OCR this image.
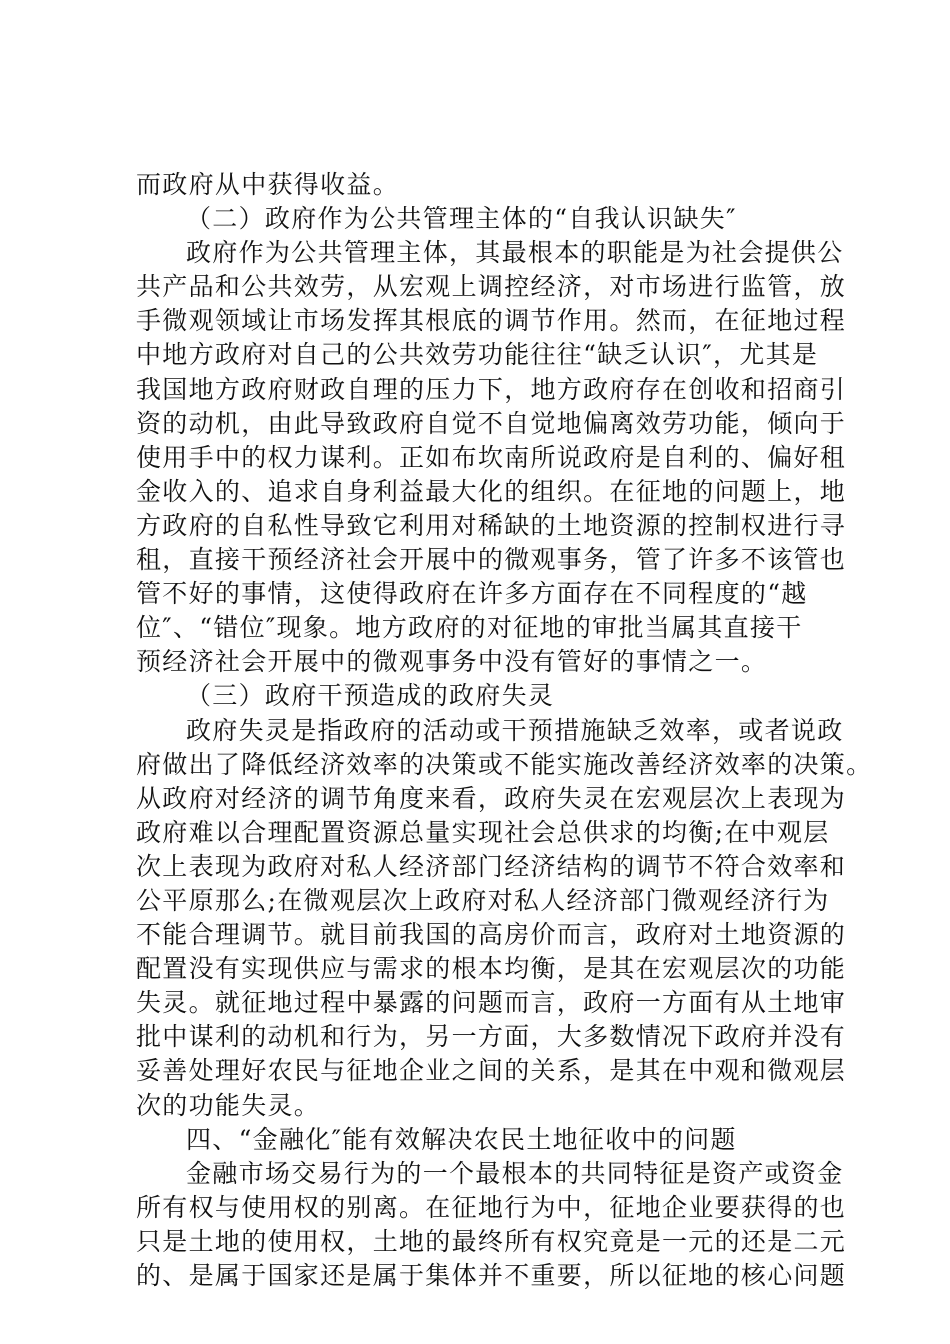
而政府从中获得收益。
（二）政府作为公共管理主体的“自我认识缺失″
政府作为公共管理主体，其最根本的职能是为社会提供公
共产品和公共效劳，从宏观上调控经济，对市场进行监管，放
手微观领域让市场发挥其根底的调节作用。然而，在征地过程
中地方政府对自己的公共效劳功能往往“缺乏认识″，尤其是
我国地方政府财政自理的压力下，地方政府存在创收和招商引
资的动机，由此导致政府自觉不自觉地偏离效劳功能，倾向于
使用手中的权力谋利。正如布坎南所说政府是自利的、偏好租
金收入的、追求自身利益最大化的组织。在征地的问题上，地
方政府的自私性导致它利用对稀缺的土地资源的控制权进行寻
租，直接干预经济社会开展中的微观事务，管了许多不该管也
管不好的事情，这使得政府在许多方面存在不同程度的“越
位″、“错位″现象。地方政府的对征地的审批当属其直接干
预经济社会开展中的微观事务中没有管好的事情之一。
（三）政府干预造成的政府失灵
政府失灵是指政府的活动或干预措施缺乏效率，或者说政
府做出了降低经济效率的决策或不能实施改善经济效率的决策。
从政府对经济的调节角度来看，政府失灵在宏观层次上表现为
政府难以合理配置资源总量实现社会总供求的均衡;在中观层
次上表现为政府对私人经济部门经济结构的调节不符合效率和
公平原那么;在微观层次上政府对私人经济部门微观经济行为
不能合理调节。就目前我国的高房价而言，政府对土地资源的
配置没有实现供应与需求的根本均衡，是其在宏观层次的功能
失灵。就征地过程中暴露的问题而言，政府一方面有从土地审
批中谋利的动机和行为，另一方面，大多数情况下政府并没有
妥善处理好农民与征地企业之间的关系，是其在中观和微观层
次的功能失灵。
四、“金融化″能有效解决农民土地征收中的问题
金融市场交易行为的一个最根本的共同特征是资产或资金
所有权与使用权的别离。在征地行为中，征地企业要获得的也
只是土地的使用权，土地的最终所有权究竟是一元的还是二元
的、是属于国家还是属于集体并不重要，所以征地的核心问题
